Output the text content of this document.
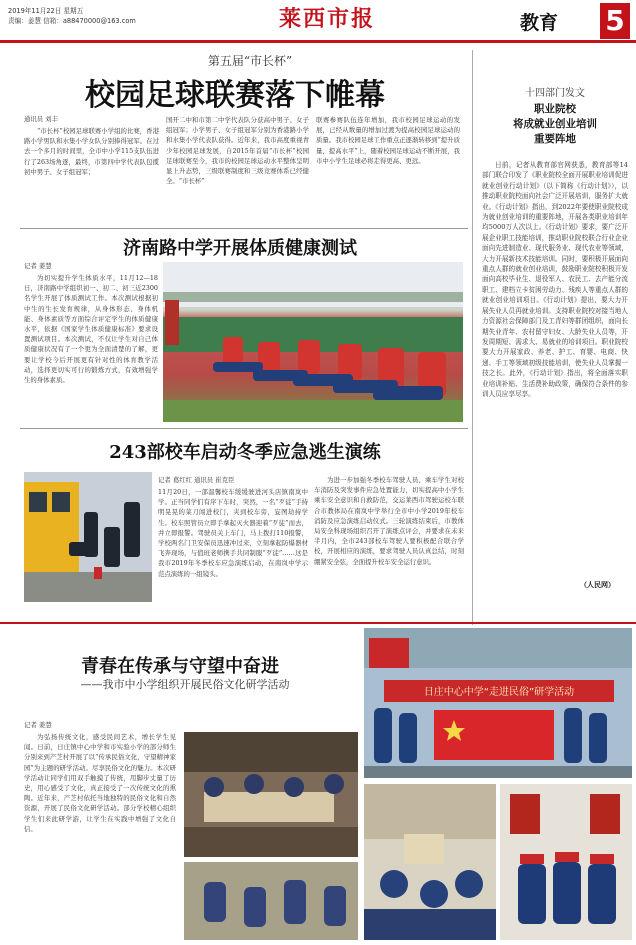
2019年11月22日 星期五
责编：姜慧 信箱：a88470000@163.com	莱西市报	教育	5
第五届“市长杯”
校园足球联赛落下帷幕
通讯员 刘丰
“市长杯”校园足球联赛小学组的比赛，香港路小学男队和水集小学女队分别捧得冠军。在过去一个多月的时间里，全市中小学115支队伍进行了263场角逐，最终，市第四中学代表队包揽初中男子、女子组冠军；
国开二中和市第二中学代表队分获高中男子、女子组冠军；小学男子、女子组冠军分别为香港路小学和水集小学代表队获得。近年来，我市高度重视青少年校园足球发展，自2015年首届“市长杯”校园足球联赛至今，我市的校园足球运动水平整体呈明显上升态势，三级联赛制度和三级竞赛体系已经健全。“市长杯”
联赛参赛队伍连年增加，我市校园足球运动的发展，已经从数量的增加过渡为提高校园足球运动的质量。我市校园足球工作重点正逐渐转移到“提升质量，提高水平”上，随着校园足球运动不断开展，我市中小学生足球必将走得更高、更远。
济南路中学开展体质健康测试
记者 姜慧
为切实提升学生体质水平，11月12—18日，济南路中学组织初一、初二、初三近2300名学生开展了体质测试工作。本次测试根据初中生的生长发育规律，从身体形态、身体机能、身体素质等方面综合评定学生的体质健康水平，依据《国家学生体质健康标准》要求设置测试项目。本次测试，不仅让学生对自己体质健康状况有了一个更为全面清楚的了解，更要让学校今后开展更有针对性的体育教学活动，选择更切实可行的锻炼方式，有效增强学生的身体素质。
243部校车启动冬季应急逃生演练
记者 葛红红 通讯员 崔克臣
11月20日，一部温馨校车缓缓驶进河头店镇南岚中学。正当同学们有序下车时，突然，一名“歹徒”手持明晃晃的菜刀闯进校门，夹到校车旁，妄图劫持学生。校车照管员立即手拿起灭火器迎着“歹徒”而去，并立即报警。驾驶员关上车门，马上拨打110报警，学校两名门卫安保员迅速冲过来，立刻拿起防爆器材飞奔现场，与值班老师携手共同制服“歹徒”……这是我市2019年冬季校车应急演练启动，在南岚中学示范点演练的一组镜头。
为进一步加强冬季校车驾驶人员、乘车学生对校车消防及突发事件应急处置能力，切实提高中小学生乘车安全意识和自救防范，交运莱西市驾驶运校车联合市教体局在南岚中学举行全市中小学2019年校车消防及应急演练启动仪式。三轮演练结束后，市教体局安全科现场组织召开了演练点评会，并要求在未来半月内，全市243部校车驾驶人要积极配合联合学校，开展相应的演练，要求驾驶人员认真总结，时刻绷紧安全弦，全面提升校车安全运行意识。
十四部门发文
职业院校
将成就业创业培训
重要阵地
日前，记者从教育部官网获悉，教育部等14部门联合印发了《职业院校全面开展职业培训促进就业创业行动计划》（以下简称《行动计划》），以推动职业院校面向社会广泛开展培训，服务扩大就业。《行动计划》指出，到2022年要使职业院校成为就业创业培训的重要阵地，开展各类职业培训年均5000万人次以上。《行动计划》要求，要广泛开展企业职工技能培训，推动职业院校联合行业企业面向先进制造业、现代服务业、现代农业等领域，大力开展新技术技能培训。同时，要积极开展面向重点人群的就业创业培训，鼓励职业院校积极开发面向高校毕业生、退役军人、农民工、去产能分流职工、建档立卡贫困劳动力、残疾人等重点人群的就业创业培训项目。《行动计划》提出，要大力开展失业人员再就业培训。支持职业院校对接当地人力资源社会保障部门及工青妇等群团组织，面向长期失业青年、农村留守妇女、大龄失业人员等，开发周期短、需求大、易就业的培训项目。职业院校要大力开展家政、养老、护工、育婴、电商、快递、手工等领域初级技能培训，使失业人员掌握一技之长。此外，《行动计划》指出，将全面落实职业培训补贴、生活费补助政策，确保符合条件的参训人员应享尽享。
（人民网）
青春在传承与守望中奋进
——我市中小学组织开展民俗文化研学活动
记者 姜慧
为弘扬传统文化，感受民间艺术，增长学生见闻。日前，日庄镇中心中学和市实验小学的部分师生分别来到产芝村开展了以“传承民俗文化，守望精神家园”为主题的研学活动。尽享民俗文化的魅力。本次研学活动让同学们用双手触摸了传统，用脚步丈量了历史，用心感受了文化，真正接受了一次传统文化的熏陶。近年来，产芝村依托当地独特的民俗文化和自然资源，开展了民俗文化研学活动。部分学校精心组织学生们来此研学游，让学生在实践中增强了文化自信。
日庄中心中学“走进民俗”研学活动
